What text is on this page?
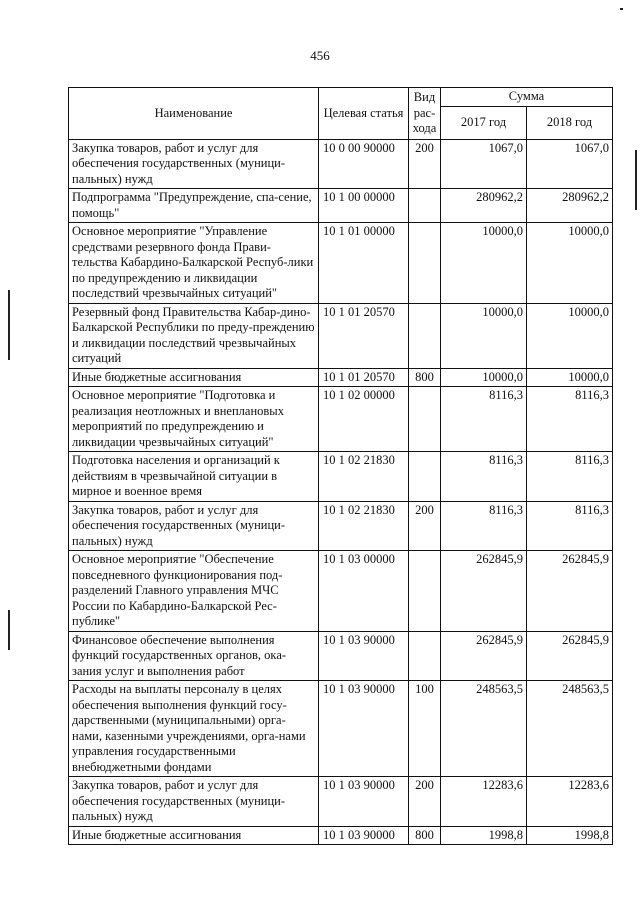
456
Наименование	Целевая статья	Вид рас-хода	Сумма	
			2017 год	2018 год
Закупка товаров, работ и услуг для обеспечения государственных (муници-пальных) нужд	10 0 00 90000	200	1067,0	1067,0
Подпрограмма "Предупреждение, спа-сение, помощь"	10 1 00 00000		280962,2	280962,2
Основное мероприятие "Управление средствами резервного фонда Прави-тельства Кабардино-Балкарской Респуб-лики по предупреждению и ликвидации последствий чрезвычайных ситуаций"	10 1 01 00000		10000,0	10000,0
Резервный фонд Правительства Кабар-дино-Балкарской Республики по преду-преждению и ликвидации последствий чрезвычайных ситуаций	10 1 01 20570		10000,0	10000,0
Иные бюджетные ассигнования	10 1 01 20570	800	10000,0	10000,0
Основное мероприятие "Подготовка и реализация неотложных и внеплановых мероприятий по предупреждению и ликвидации чрезвычайных ситуаций"	10 1 02 00000		8116,3	8116,3
Подготовка населения и организаций к действиям в чрезвычайной ситуации в мирное и военное время	10 1 02 21830		8116,3	8116,3
Закупка товаров, работ и услуг для обеспечения государственных (муници-пальных) нужд	10 1 02 21830	200	8116,3	8116,3
Основное мероприятие "Обеспечение повседневного функционирования под-разделений Главного управления МЧС России по Кабардино-Балкарской Рес-публике"	10 1 03 00000		262845,9	262845,9
Финансовое обеспечение выполнения функций государственных органов, ока-зания услуг и выполнения работ	10 1 03 90000		262845,9	262845,9
Расходы на выплаты персоналу в целях обеспечения выполнения функций госу-дарственными (муниципальными) орга-нами, казенными учреждениями, орга-нами управления государственными внебюджетными фондами	10 1 03 90000	100	248563,5	248563,5
Закупка товаров, работ и услуг для обеспечения государственных (муници-пальных) нужд	10 1 03 90000	200	12283,6	12283,6
Иные бюджетные ассигнования	10 1 03 90000	800	1998,8	1998,8
